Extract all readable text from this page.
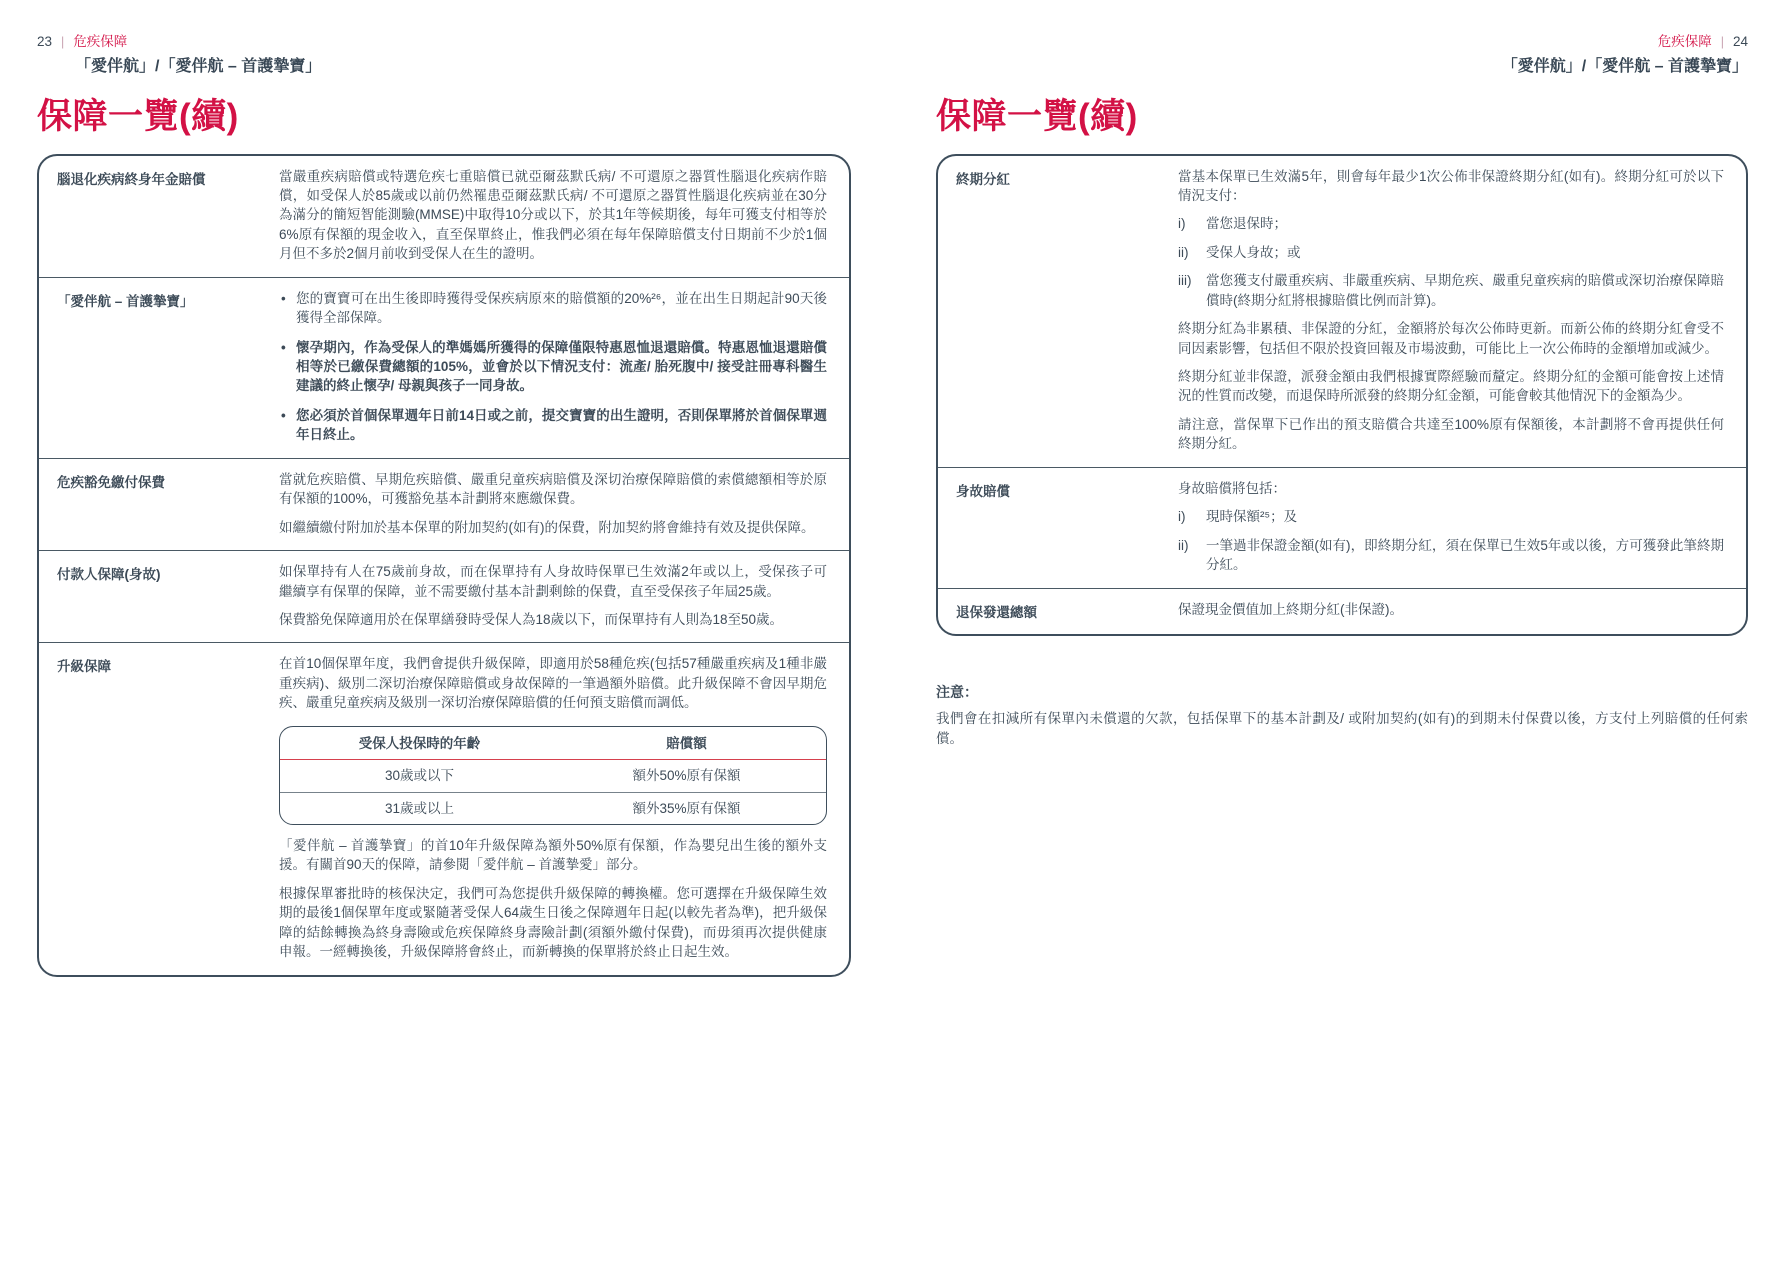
23 | 危疾保障
「愛伴航」/「愛伴航 – 首護摯寶」
保障一覽(續)
腦退化疾病終身年金賠償	當嚴重疾病賠償或特選危疾七重賠償已就亞爾茲默氏病/ 不可還原之器質性腦退化疾病作賠償，如受保人於85歲或以前仍然罹患亞爾茲默氏病/ 不可還原之器質性腦退化疾病並在30分為滿分的簡短智能測驗(MMSE)中取得10分或以下，於其1年等候期後，每年可獲支付相等於6%原有保額的現金收入，直至保單終止，惟我們必須在每年保障賠償支付日期前不少於1個月但不多於2個月前收到受保人在生的證明。

「愛伴航 – 首護摯寶」	• 您的寶寶可在出生後即時獲得受保疾病原來的賠償額的20%²⁶，並在出生日期起計90天後獲得全部保障。
• 懷孕期內，作為受保人的準媽媽所獲得的保障僅限特惠恩恤退還賠償。特惠恩恤退還賠償相等於已繳保費總額的105%，並會於以下情況支付：流產/ 胎死腹中/ 接受註冊專科醫生建議的終止懷孕/ 母親與孩子一同身故。
• 您必須於首個保單週年日前14日或之前，提交寶寶的出生證明，否則保單將於首個保單週年日終止。
危疾豁免繳付保費	當就危疾賠償、早期危疾賠償、嚴重兒童疾病賠償及深切治療保障賠償的索償總額相等於原有保額的100%，可獲豁免基本計劃將來應繳保費。

如繼續繳付附加於基本保單的附加契約(如有)的保費，附加契約將會維持有效及提供保障。

付款人保障(身故)	如保單持有人在75歲前身故，而在保單持有人身故時保單已生效滿2年或以上，受保孩子可繼續享有保單的保障，並不需要繳付基本計劃剩餘的保費，直至受保孩子年屆25歲。

保費豁免保障適用於在保單繕發時受保人為18歲以下，而保單持有人則為18至50歲。

升級保障	在首10個保單年度，我們會提供升級保障，即適用於58種危疾(包括57種嚴重疾病及1種非嚴重疾病)、級別二深切治療保障賠償或身故保障的一筆過額外賠償。此升級保障不會因早期危疾、嚴重兒童疾病及級別一深切治療保障賠償的任何預支賠償而調低。

受保人投保時的年齡	賠償額
30歲或以下	額外50%原有保額
31歲或以上	額外35%原有保額

「愛伴航 – 首護摯寶」的首10年升級保障為額外50%原有保額，作為嬰兒出生後的額外支援。有關首90天的保障，請參閱「愛伴航 – 首護摯愛」部分。

根據保單審批時的核保決定，我們可為您提供升級保障的轉換權。您可選擇在升級保障生效期的最後1個保單年度或緊隨著受保人64歲生日後之保障週年日起(以較先者為準)，把升級保障的結餘轉換為終身壽險或危疾保障終身壽險計劃(須額外繳付保費)，而毋須再次提供健康申報。一經轉換後，升級保障將會終止，而新轉換的保單將於終止日起生效。

危疾保障 | 24
「愛伴航」/「愛伴航 – 首護摯寶」
保障一覽(續)
終期分紅	當基本保單已生效滿5年，則會每年最少1次公佈非保證終期分紅(如有)。終期分紅可於以下情況支付：

i)	當您退保時；
ii)	受保人身故；或
iii)	當您獲支付嚴重疾病、非嚴重疾病、早期危疾、嚴重兒童疾病的賠償或深切治療保障賠償時(終期分紅將根據賠償比例而計算)。

終期分紅為非累積、非保證的分紅，金額將於每次公佈時更新。而新公佈的終期分紅會受不同因素影響，包括但不限於投資回報及市場波動，可能比上一次公佈時的金額增加或減少。

終期分紅並非保證，派發金額由我們根據實際經驗而釐定。終期分紅的金額可能會按上述情況的性質而改變，而退保時所派發的終期分紅金額，可能會較其他情況下的金額為少。

請注意，當保單下已作出的預支賠償合共達至100%原有保額後，本計劃將不會再提供任何終期分紅。

身故賠償	身故賠償將包括：

i)	現時保額²⁵；及
ii)	一筆過非保證金額(如有)，即終期分紅，須在保單已生效5年或以後，方可獲發此筆終期分紅。
退保發還總額	保證現金價值加上終期分紅(非保證)。

注意：
我們會在扣減所有保單內未償還的欠款，包括保單下的基本計劃及/ 或附加契約(如有)的到期未付保費以後，方支付上列賠償的任何索償。
